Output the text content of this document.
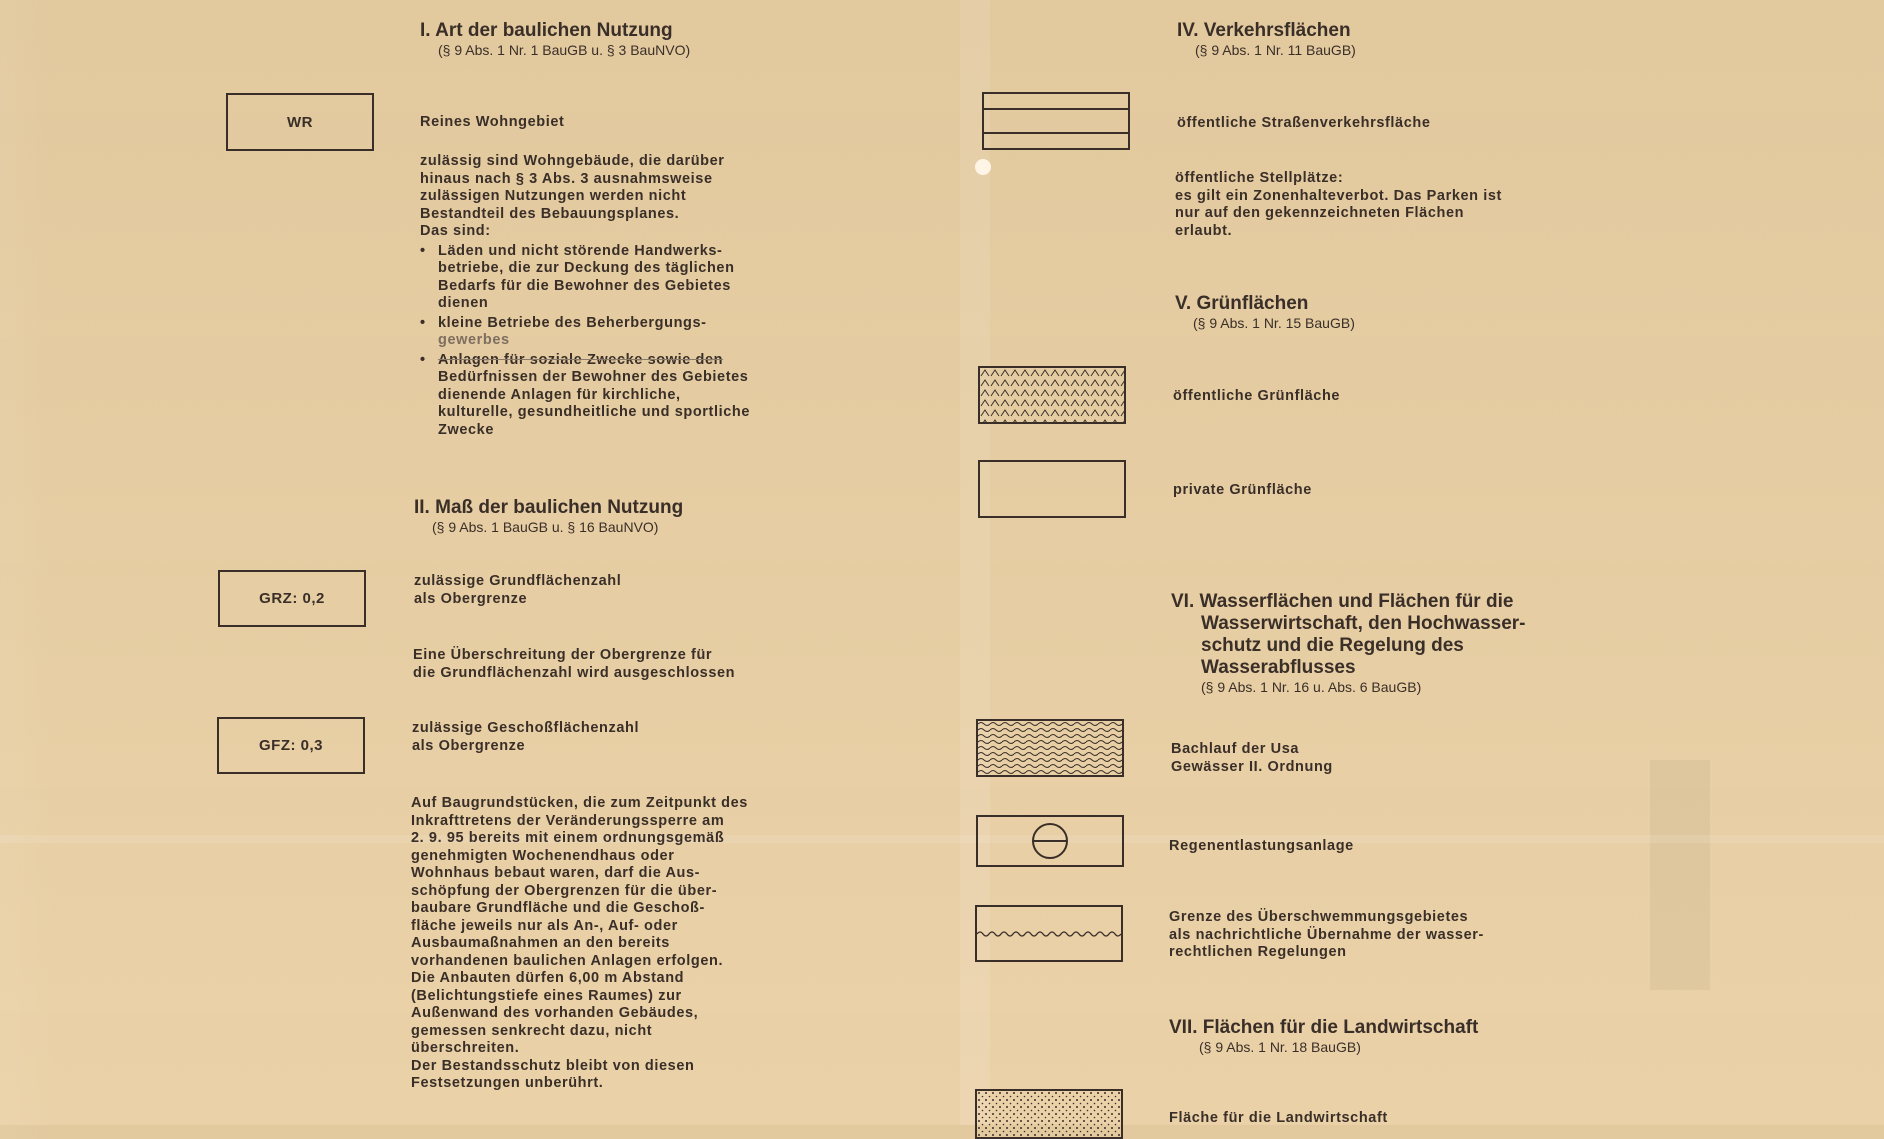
I. Art der baulichen Nutzung
(§ 9 Abs. 1 Nr. 1 BauGB u. § 3 BauNVO)
WR	Reines Wohngebiet
zulässig sind Wohngebäude, die darüber
hinaus nach § 3 Abs. 3 ausnahmsweise
zulässigen Nutzungen werden nicht
Bestandteil des Bebauungsplanes.
Das sind:
• Läden und nicht störende Handwerks-
betriebe, die zur Deckung des täglichen
Bedarfs für die Bewohner des Gebietes
dienen
• kleine Betriebe des Beherbergungs-
gewerbes
• Anlagen für soziale Zwecke sowie den
Bedürfnissen der Bewohner des Gebietes
dienende Anlagen für kirchliche,
kulturelle, gesundheitliche und sportliche
Zwecke
II. Maß der baulichen Nutzung
(§ 9 Abs. 1 BauGB u. § 16 BauNVO)
GRZ: 0,2
zulässige Grundflächenzahl
als Obergrenze
Eine Überschreitung der Obergrenze für
die Grundflächenzahl wird ausgeschlossen
GFZ: 0,3
zulässige Geschoßflächenzahl
als Obergrenze
Auf Baugrundstücken, die zum Zeitpunkt des
Inkrafttretens der Veränderungssperre am
2. 9. 95 bereits mit einem ordnungsgemäß
genehmigten Wochenendhaus oder
Wohnhaus bebaut waren, darf die Aus-
schöpfung der Obergrenzen für die über-
baubare Grundfläche und die Geschoß-
fläche jeweils nur als An-, Auf- oder
Ausbaumaßnahmen an den bereits
vorhandenen baulichen Anlagen erfolgen.
Die Anbauten dürfen 6,00 m Abstand
(Belichtungstiefe eines Raumes) zur
Außenwand des vorhanden Gebäudes,
gemessen senkrecht dazu, nicht
überschreiten.
Der Bestandsschutz bleibt von diesen
Festsetzungen unberührt.
IV. Verkehrsflächen
(§ 9 Abs. 1 Nr. 11 BauGB)
öffentliche Straßenverkehrsfläche
öffentliche Stellplätze:
es gilt ein Zonenhalteverbot. Das Parken ist
nur auf den gekennzeichneten Flächen
erlaubt.
V. Grünflächen
(§ 9 Abs. 1 Nr. 15 BauGB)
öffentliche Grünfläche
private Grünfläche
VI. Wasserflächen und Flächen für die
Wasserwirtschaft, den Hochwasser-
schutz und die Regelung des
Wasserabflusses
(§ 9 Abs. 1 Nr. 16 u. Abs. 6 BauGB)
Bachlauf der Usa
Gewässer II. Ordnung
Regenentlastungsanlage
Grenze des Überschwemmungsgebietes
als nachrichtliche Übernahme der wasser-
rechtlichen Regelungen
VII. Flächen für die Landwirtschaft
(§ 9 Abs. 1 Nr. 18 BauGB)
Fläche für die Landwirtschaft
